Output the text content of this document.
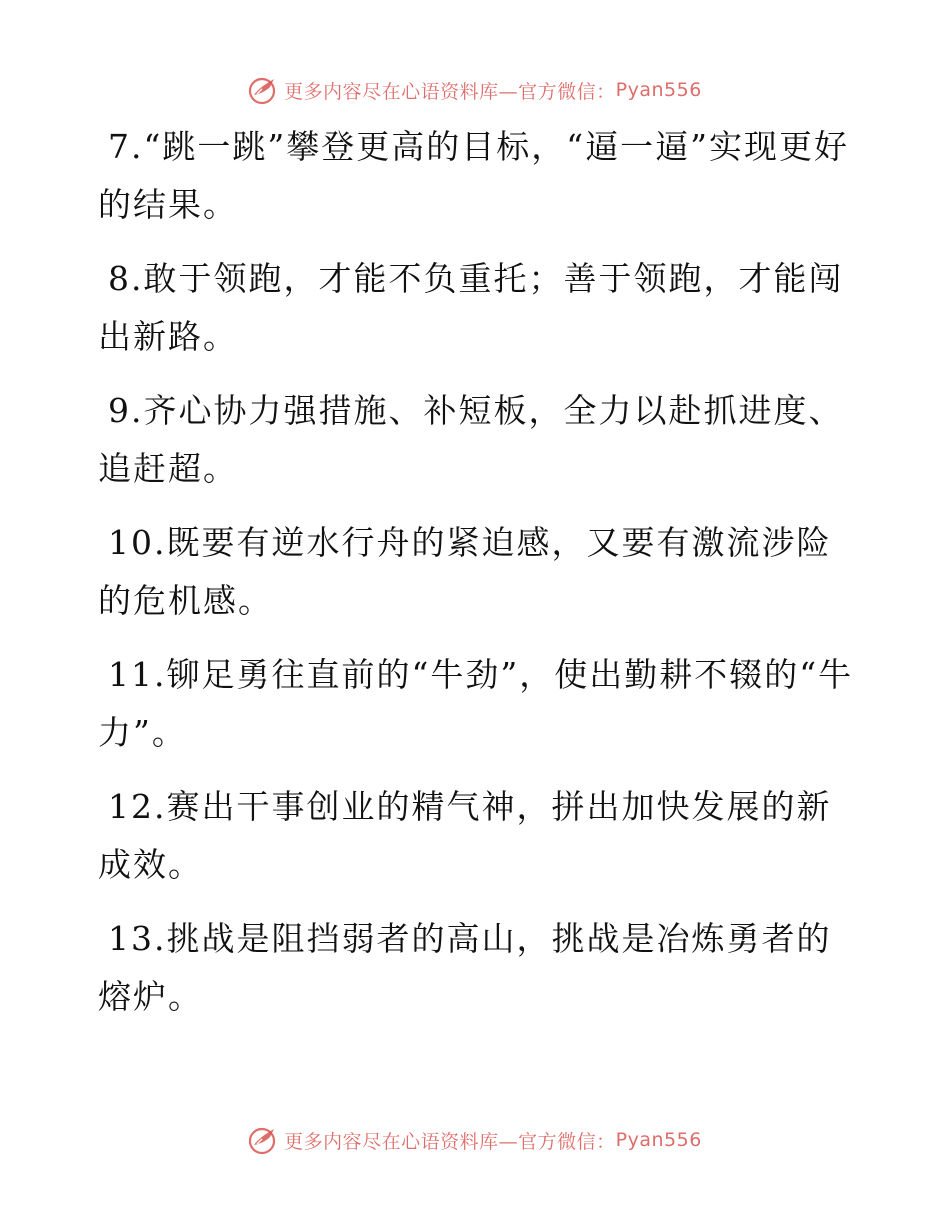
更多内容尽在心语资料库—官方微信： Pyan556

7.“跳一跳”攀登更高的目标，“逼一逼”实现更好的结果。

8.敢于领跑，才能不负重托；善于领跑，才能闯出新路。

9.齐心协力强措施、补短板，全力以赴抓进度、追赶超。

10.既要有逆水行舟的紧迫感，又要有激流涉险的危机感。

11.铆足勇往直前的“牛劲”，使出勤耕不辍的“牛力”。

12.赛出干事创业的精气神，拼出加快发展的新成效。

13.挑战是阻挡弱者的高山，挑战是冶炼勇者的熔炉。

更多内容尽在心语资料库—官方微信： Pyan556
